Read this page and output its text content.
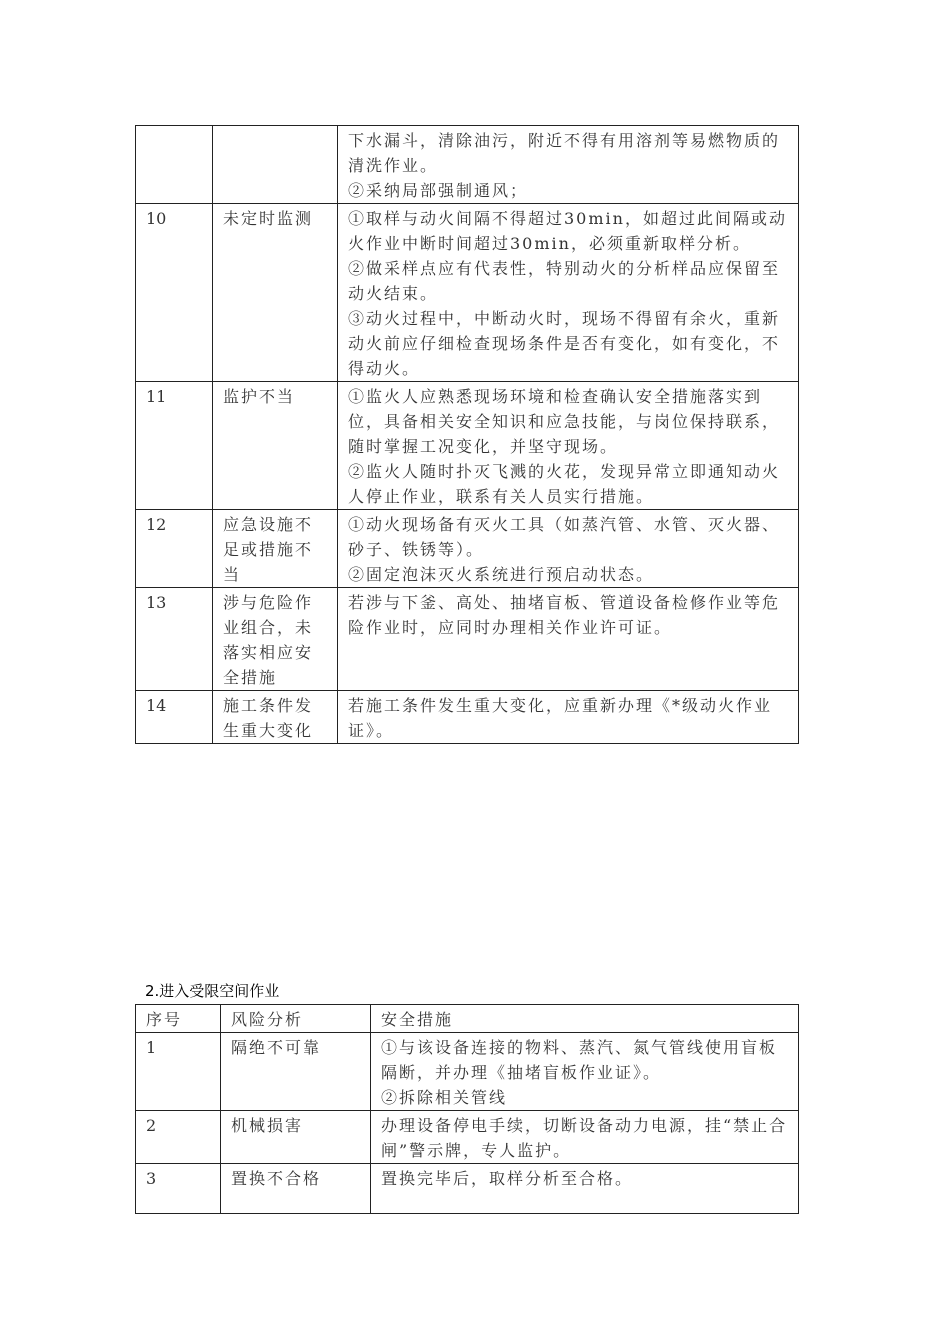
		下水漏斗，清除油污，附近不得有用溶剂等易燃物质的清洗作业。
②采纳局部强制通风；

10	未定时监测	①取样与动火间隔不得超过30min，如超过此间隔或动火作业中断时间超过30min，必须重新取样分析。
②做采样点应有代表性，特别动火的分析样品应保留至动火结束。
③动火过程中，中断动火时，现场不得留有余火，重新动火前应仔细检查现场条件是否有变化，如有变化，不得动火。

11	监护不当	①监火人应熟悉现场环境和检查确认安全措施落实到位，具备相关安全知识和应急技能，与岗位保持联系，随时掌握工况变化，并坚守现场。
②监火人随时扑灭飞溅的火花，发现异常立即通知动火人停止作业，联系有关人员实行措施。

12	应急设施不足或措施不当	①动火现场备有灭火工具（如蒸汽管、水管、灭火器、砂子、铁锈等）。
②固定泡沫灭火系统进行预启动状态。

13	涉与危险作业组合，未落实相应安全措施	若涉与下釜、高处、抽堵盲板、管道设备检修作业等危险作业时，应同时办理相关作业许可证。

14	施工条件发生重大变化	若施工条件发生重大变化，应重新办理《*级动火作业证》。
2.进入受限空间作业
序号	风险分析	安全措施
1	隔绝不可靠	①与该设备连接的物料、蒸汽、氮气管线使用盲板隔断，并办理《抽堵盲板作业证》。
②拆除相关管线

2	机械损害	办理设备停电手续，切断设备动力电源，挂“禁止合闸”警示牌，专人监护。

3	置换不合格	置换完毕后，取样分析至合格。
